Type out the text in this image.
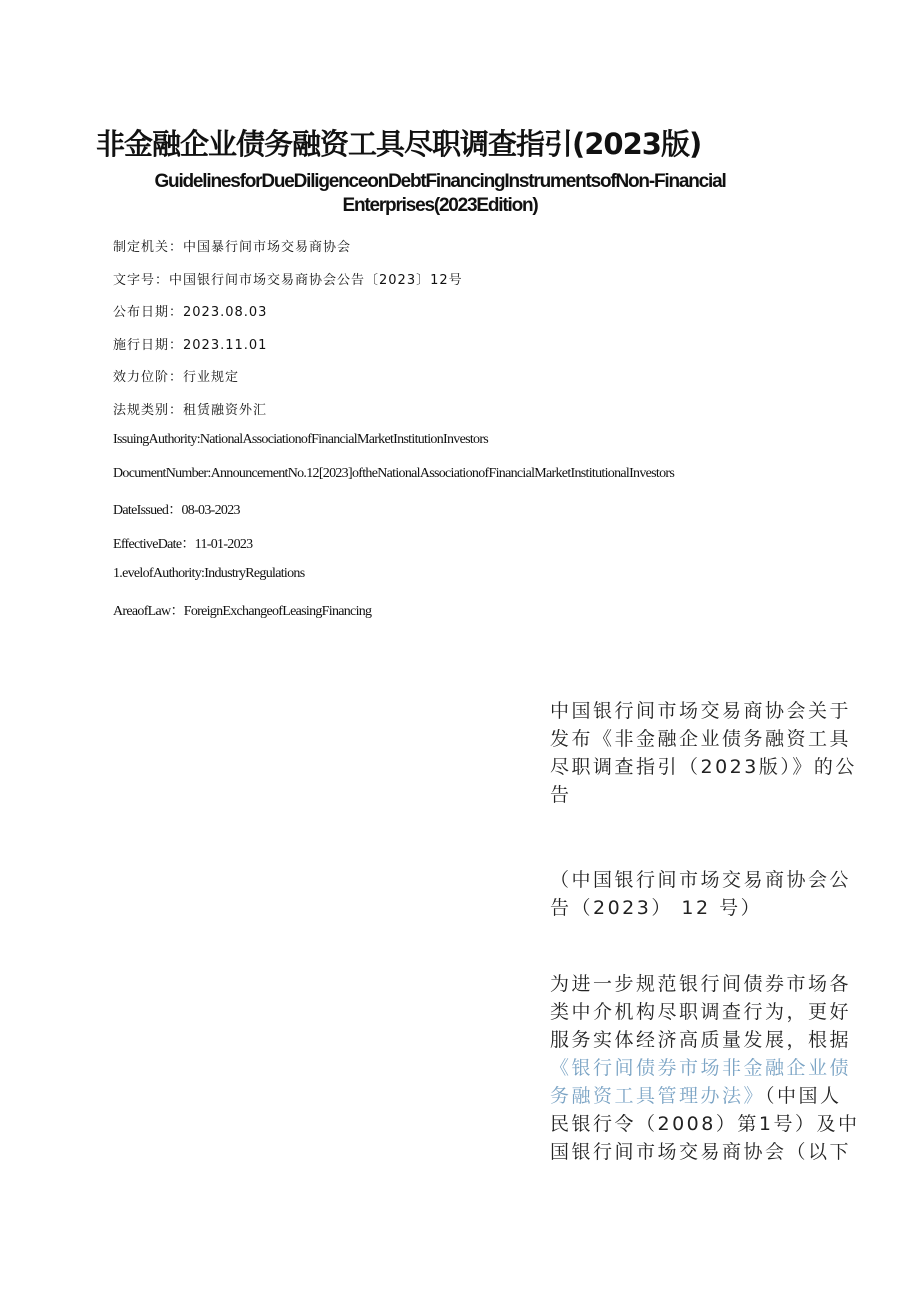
非金融企业债务融资工具尽职调查指引(2023版)
GuidelinesforDueDiligenceonDebtFinancingInstrumentsofNon-Financial
Enterprises(2023Edition)
制定机关：中国暴行间市场交易商协会
文字号：中国银行间市场交易商协会公告〔2023〕12号
公布日期：2023.08.03
施行日期：2023.11.01
效力位阶：行业规定
法规类别：租赁融资外汇
IssuingAuthority:NationalAssociationofFinancialMarketInstitutionInvestors
DocumentNumber:AnnouncementNo.12[2023]oftheNationalAssociationofFinancialMarketInstitutionalInvestors
DateIssued：08-03-2023
EffectiveDate：11-01-2023
1.evelofAuthority:IndustryRegulations
AreaofLaw：ForeignExchangeofLeasingFinancing

中国银行间市场交易商协会关于 发布《非金融企业债务融资工具 尽职调查指引（2023版）》的公 告

（中国银行间市场交易商协会公告（2023） 12 号）

为进一步规范银行间债券市场各 类中介机构尽职调查行为，更好 服务实体经济高质量发展，根据 《银行间债券市场非金融企业债 务融资工具管理办法》（中国人 民银行令（2008）第1号）及中 国银行间市场交易商协会（以下
